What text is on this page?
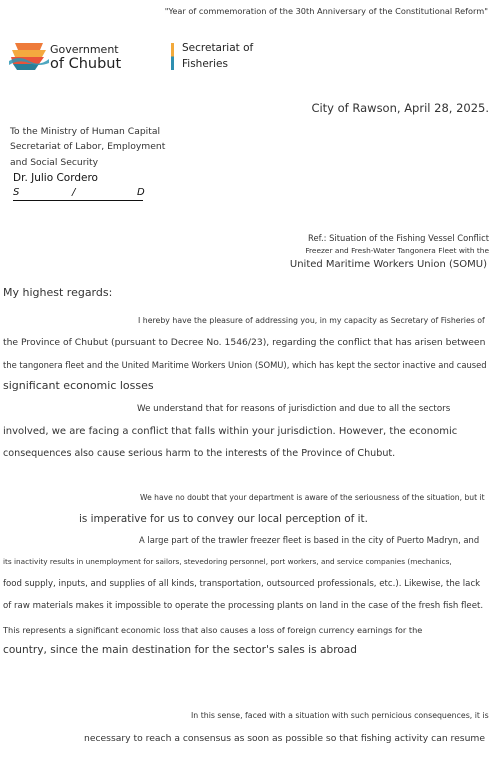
"Year of commemoration of the 30th Anniversary of the Constitutional Reform"
Government
of Chubut
Secretariat of
Fisheries
City of Rawson, April 28, 2025.
To the Ministry of Human Capital
Secretariat of Labor, Employment
and Social Security
Dr. Julio Cordero
S	/	D
Ref.: Situation of the Fishing Vessel Conflict
Freezer and Fresh-Water Tangonera Fleet with the
United Maritime Workers Union (SOMU)
My highest regards:
I hereby have the pleasure of addressing you, in my capacity as Secretary of Fisheries of
the Province of Chubut (pursuant to Decree No. 1546/23), regarding the conflict that has arisen between
the tangonera fleet and the United Maritime Workers Union (SOMU), which has kept the sector inactive and caused
significant economic losses
We understand that for reasons of jurisdiction and due to all the sectors
involved, we are facing a conflict that falls within your jurisdiction. However, the economic
consequences also cause serious harm to the interests of the Province of Chubut.
We have no doubt that your department is aware of the seriousness of the situation, but it
is imperative for us to convey our local perception of it.
A large part of the trawler freezer fleet is based in the city of Puerto Madryn, and
its inactivity results in unemployment for sailors, stevedoring personnel, port workers, and service companies (mechanics,
food supply, inputs, and supplies of all kinds, transportation, outsourced professionals, etc.). Likewise, the lack
of raw materials makes it impossible to operate the processing plants on land in the case of the fresh fish fleet.
This represents a significant economic loss that also causes a loss of foreign currency earnings for the
country, since the main destination for the sector's sales is abroad
In this sense, faced with a situation with such pernicious consequences, it is
necessary to reach a consensus as soon as possible so that fishing activity can resume
